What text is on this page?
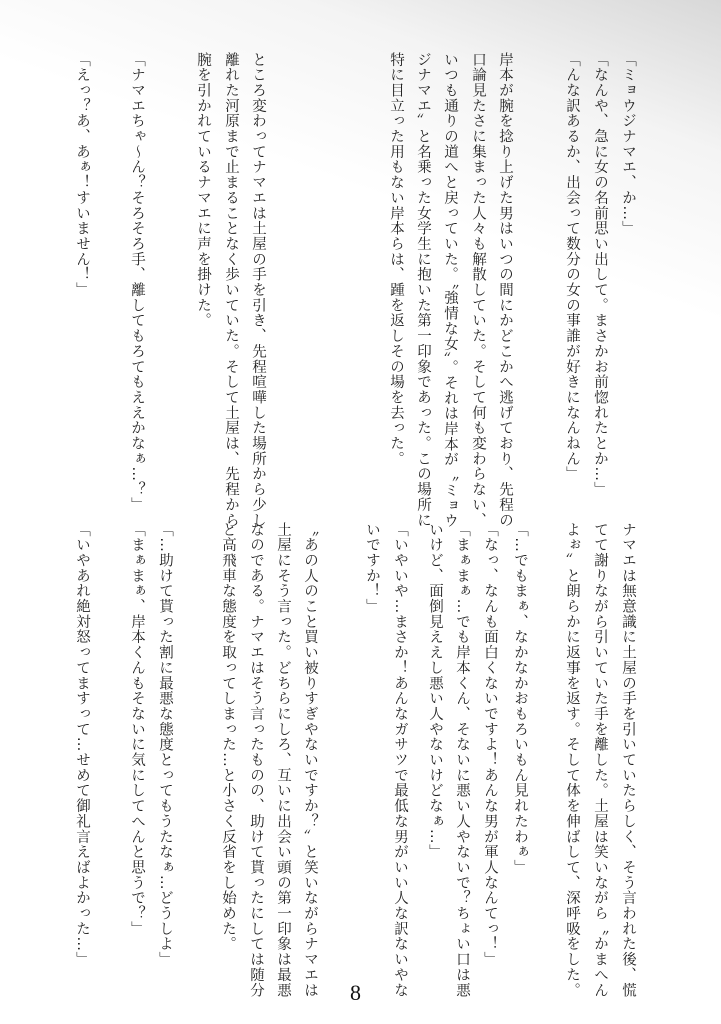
「ミョウジナマエ、か…」
「なんや、急に女の名前思い出して。まさかお前惚れたとか…」
「んな訳あるか、出会って数分の女の事誰が好きになんねん」
岸本が腕を捻り上げた男はいつの間にかどこかへ逃げており、先程の
口論見たさに集まった人々も解散していた。そして何も変わらない、
いつも通りの道へと戻っていた。〝強情な女〟。それは岸本が〝ミョウ
ジナマエ〟と名乗った女学生に抱いた第一印象であった。この場所に
特に目立った用もない岸本らは、踵を返しその場を去った。
ところ変わってナマエは土屋の手を引き、先程喧嘩した場所から少し
離れた河原まで止まることなく歩いていた。そして土屋は、先程から
腕を引かれているナマエに声を掛けた。
「ナマエちゃ〜ん？そろそろ手、離してもろてもええかなぁ…？」
「えっ？あ、あぁ！すいません！」
ナマエは無意識に土屋の手を引いていたらしく、そう言われた後、慌
てて謝りながら引いていた手を離した。土屋は笑いながら〝かまへん
よぉ〟と朗らかに返事を返す。そして体を伸ばして、深呼吸をした。
「…でもまぁ、なかなかおもろいもん見れたわぁ」
「なっ、なんも面白くないですよ！あんな男が軍人なんてっ！」
「まぁまぁ…でも岸本くん、そないに悪い人やないで？ちょい口は悪
いけど、面倒見ええし悪い人やないけどなぁ…」
「いやいや…まさか！あんなガサツで最低な男がいい人な訳ないやな
いですか！」
〝あの人のこと買い被りすぎやないですか？〟と笑いながらナマエは
土屋にそう言った。どちらにしろ、互いに出会い頭の第一印象は最悪
なのである。ナマエはそう言ったものの、助けて貰ったにしては随分
と高飛車な態度を取ってしまった…と小さく反省をし始めた。
「…助けて貰った割に最悪な態度とってもうたなぁ…どうしよ」
「まぁまぁ、岸本くんもそないに気にしてへんと思うで？」
「いやあれ絶対怒ってますって…せめて御礼言えばよかった…」
8
